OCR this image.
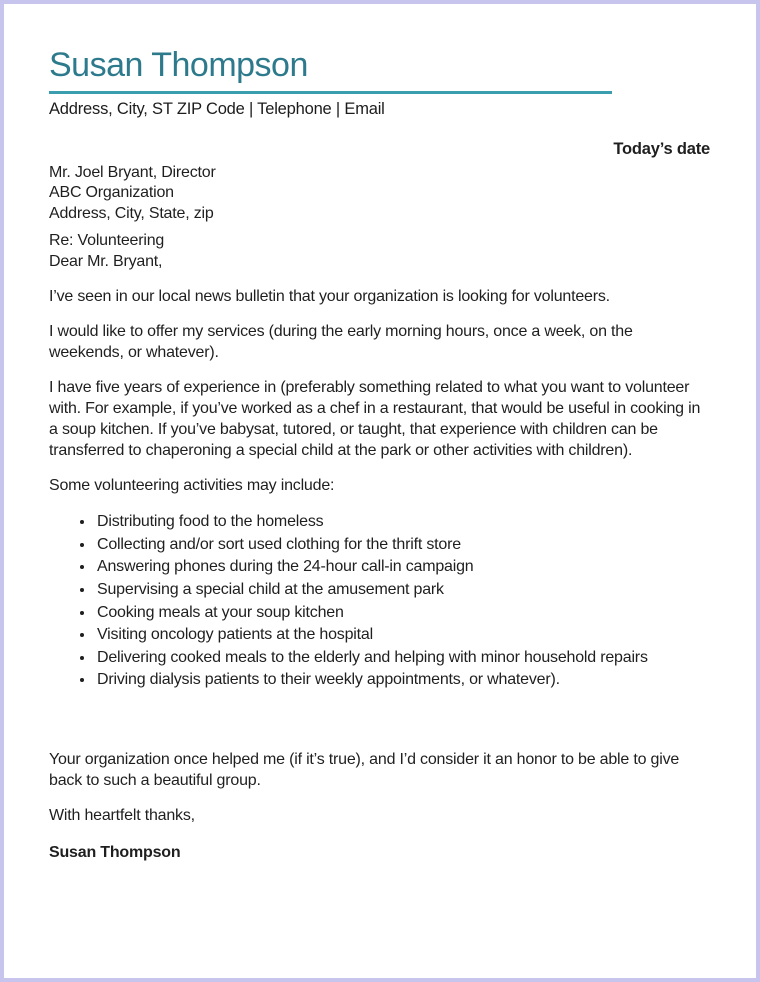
Susan Thompson
Address, City, ST ZIP Code | Telephone | Email
Today’s date
Mr. Joel Bryant, Director
ABC Organization
Address, City, State, zip
Re: Volunteering
Dear Mr. Bryant,

I’ve seen in our local news bulletin that your organization is looking for volunteers.

I would like to offer my services (during the early morning hours, once a week, on the weekends, or whatever).

I have five years of experience in (preferably something related to what you want to volunteer with. For example, if you’ve worked as a chef in a restaurant, that would be useful in cooking in a soup kitchen. If you’ve babysat, tutored, or taught, that experience with children can be transferred to chaperoning a special child at the park or other activities with children).

Some volunteering activities may include:

• Distributing food to the homeless
• Collecting and/or sort used clothing for the thrift store
• Answering phones during the 24-hour call-in campaign
• Supervising a special child at the amusement park
• Cooking meals at your soup kitchen
• Visiting oncology patients at the hospital
• Delivering cooked meals to the elderly and helping with minor household repairs
• Driving dialysis patients to their weekly appointments, or whatever).

Your organization once helped me (if it’s true), and I’d consider it an honor to be able to give back to such a beautiful group.

With heartfelt thanks,

Susan Thompson
